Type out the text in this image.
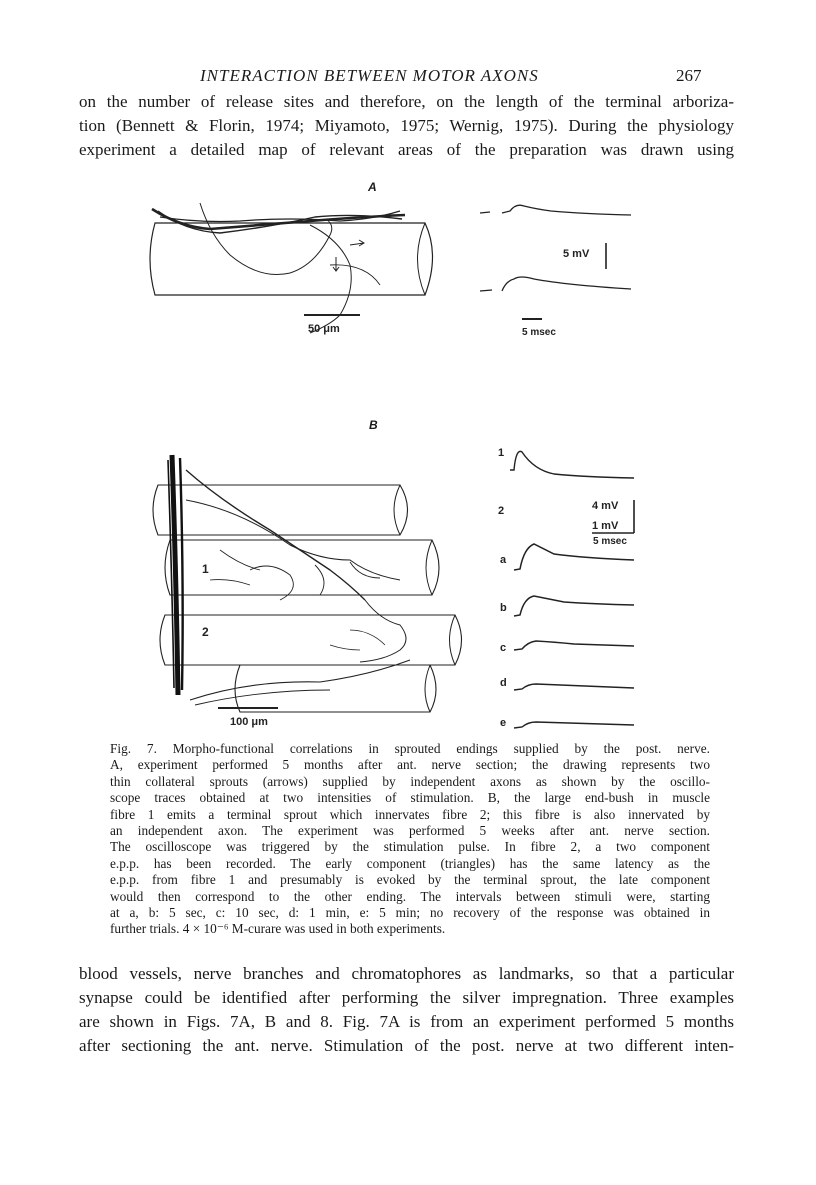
INTERACTION BETWEEN MOTOR AXONS	267
on the number of release sites and therefore, on the length of the terminal arboriza-
tion (Bennett & Florin, 1974; Miyamoto, 1975; Wernig, 1975). During the physiology
experiment a detailed map of relevant areas of the preparation was drawn using
A
50 μm
5 mV
5 msec
B
1
2
100 μm
1
2	4 mV
1 mV
5 msec
a
b
c
d
e
Fig. 7. Morpho-functional correlations in sprouted endings supplied by the post. nerve.
A, experiment performed 5 months after ant. nerve section; the drawing represents two
thin collateral sprouts (arrows) supplied by independent axons as shown by the oscillo-
scope traces obtained at two intensities of stimulation. B, the large end-bush in muscle
fibre 1 emits a terminal sprout which innervates fibre 2; this fibre is also innervated by
an independent axon. The experiment was performed 5 weeks after ant. nerve section.
The oscilloscope was triggered by the stimulation pulse. In fibre 2, a two component
e.p.p. has been recorded. The early component (triangles) has the same latency as the
e.p.p. from fibre 1 and presumably is evoked by the terminal sprout, the late component
would then correspond to the other ending. The intervals between stimuli were, starting
at a, b: 5 sec, c: 10 sec, d: 1 min, e: 5 min; no recovery of the response was obtained in
further trials. 4 × 10⁻⁶ M-curare was used in both experiments.
blood vessels, nerve branches and chromatophores as landmarks, so that a particular
synapse could be identified after performing the silver impregnation. Three examples
are shown in Figs. 7A, B and 8. Fig. 7A is from an experiment performed 5 months
after sectioning the ant. nerve. Stimulation of the post. nerve at two different inten-
